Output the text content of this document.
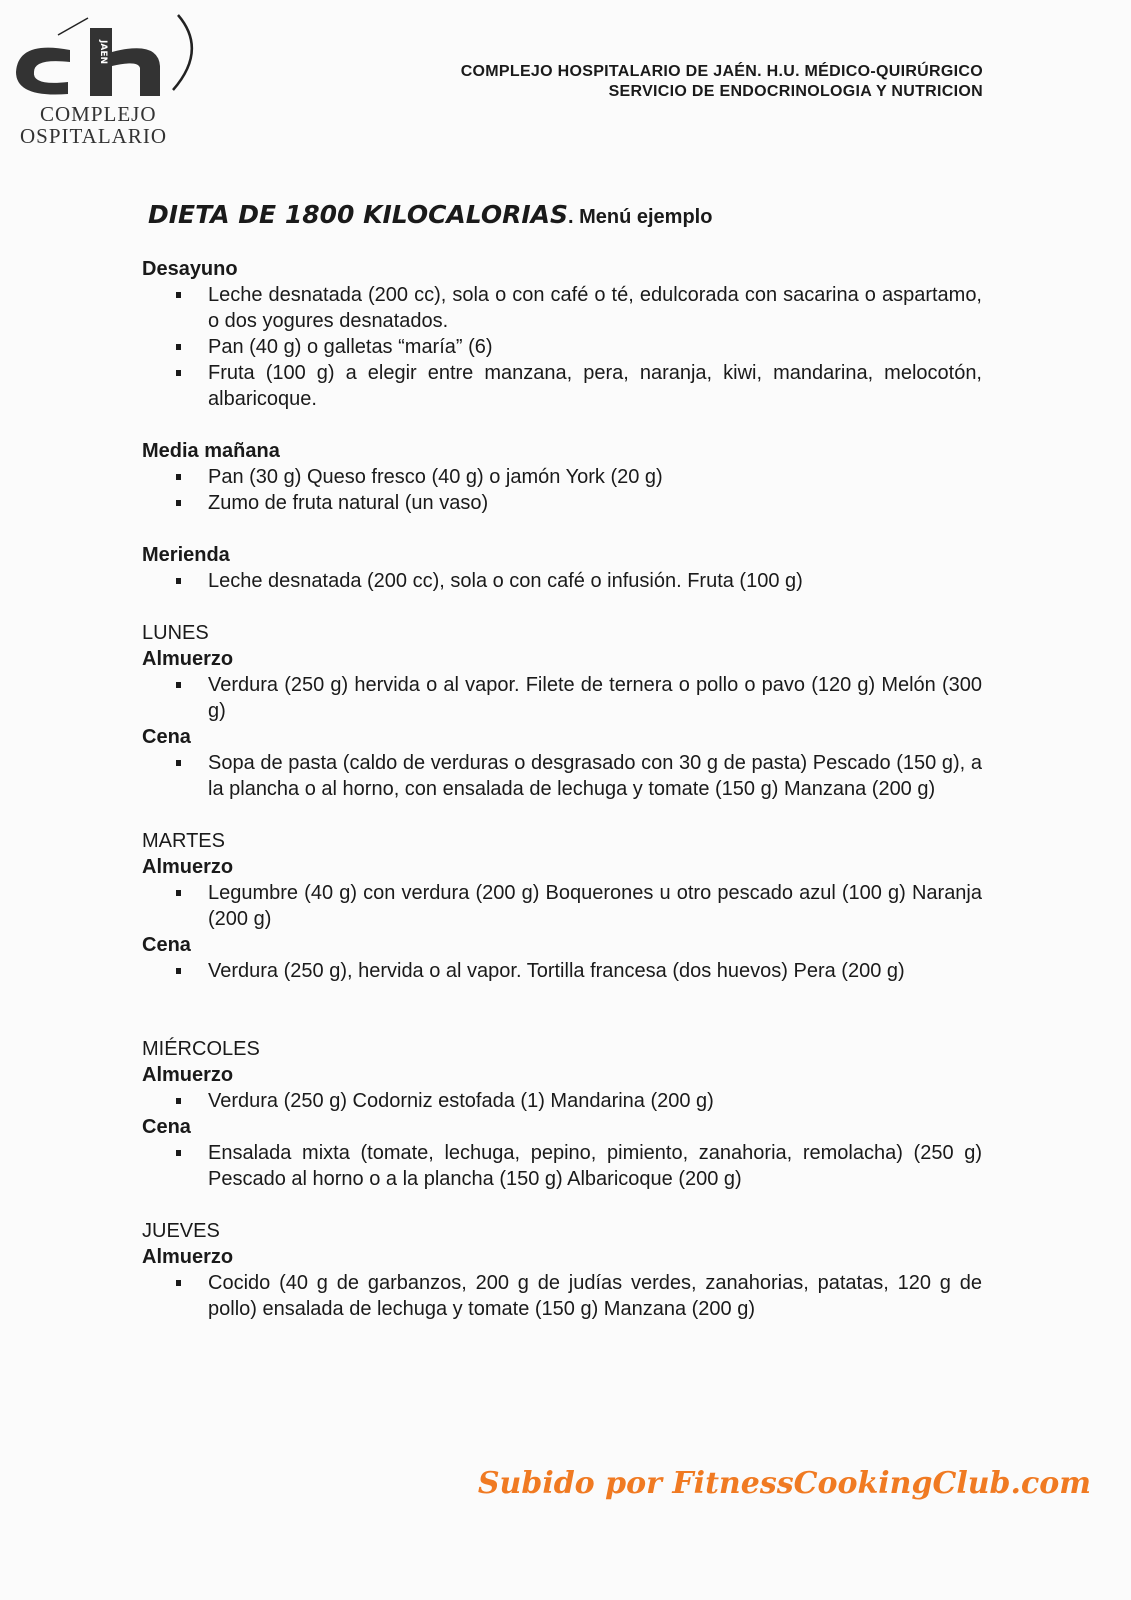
JAEN
COMPLEJO
OSPITALARIO
COMPLEJO HOSPITALARIO DE JAÉN. H.U. MÉDICO-QUIRÚRGICO
SERVICIO DE ENDOCRINOLOGIA Y NUTRICION
DIETA DE 1800 KILOCALORIAS. Menú ejemplo
Desayuno
Leche desnatada (200 cc), sola o con café o té, edulcorada con sacarina o aspartamo, o dos yogures desnatados.
Pan (40 g) o galletas “maría” (6)
Fruta (100 g) a elegir entre manzana, pera, naranja, kiwi, mandarina, melocotón, albaricoque.
Media mañana
Pan (30 g) Queso fresco (40 g) o jamón York (20 g)
Zumo de fruta natural (un vaso)
Merienda
Leche desnatada (200 cc), sola o con café o infusión. Fruta (100 g)
LUNES
Almuerzo
Verdura (250 g) hervida o al vapor. Filete de ternera o pollo o pavo (120 g) Melón (300 g)
Cena
Sopa de pasta (caldo de verduras o desgrasado con 30 g de pasta) Pescado (150 g), a la plancha o al horno, con ensalada de lechuga y tomate (150 g) Manzana (200 g)
MARTES
Almuerzo
Legumbre (40 g) con verdura (200 g) Boquerones u otro pescado azul (100 g) Naranja (200 g)
Cena
Verdura (250 g), hervida o al vapor. Tortilla francesa (dos huevos) Pera (200 g)
MIÉRCOLES
Almuerzo
Verdura (250 g) Codorniz estofada (1) Mandarina (200 g)
Cena
Ensalada mixta (tomate, lechuga, pepino, pimiento, zanahoria, remolacha) (250 g) Pescado al horno o a la plancha (150 g) Albaricoque (200 g)
JUEVES
Almuerzo
Cocido (40 g de garbanzos, 200 g de judías verdes, zanahorias, patatas, 120 g de pollo) ensalada de lechuga y tomate (150 g) Manzana (200 g)
Subido por FitnessCookingClub.com
